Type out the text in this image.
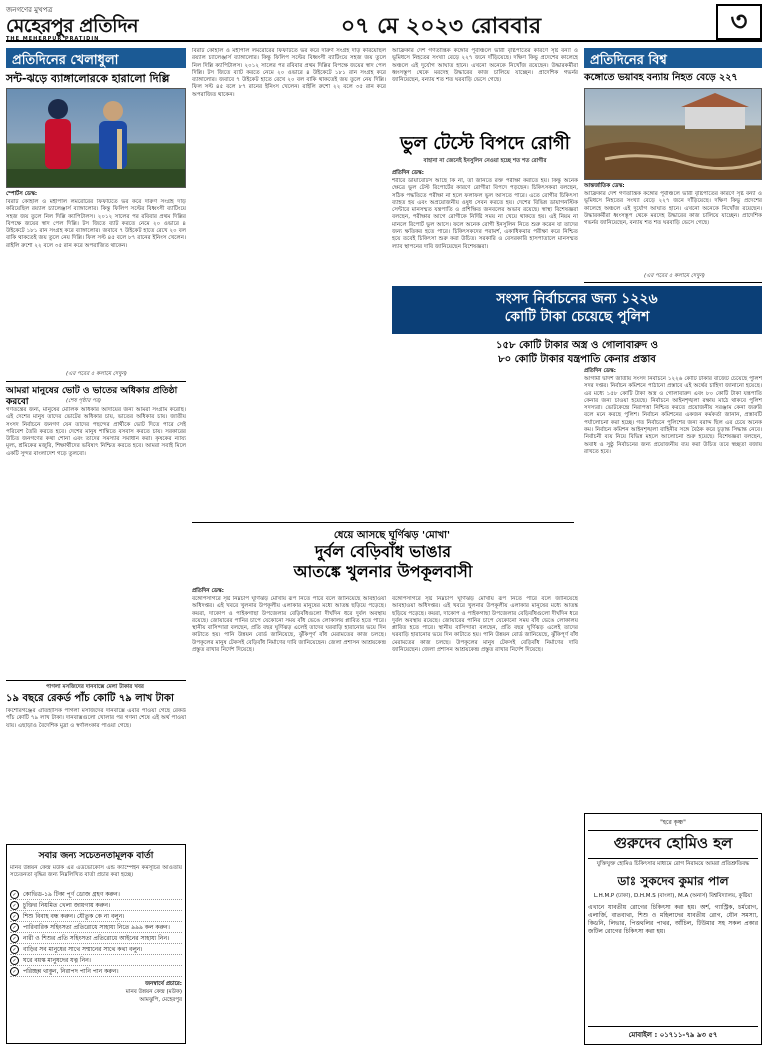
জনগণের মুখপত্র
মেহেরপুর প্রতিদিন
THE MEHERPUR PRATIDIN	০৭ মে ২০২৩ রোববার	৩
প্রতিদিনের খেলাধুলা
সন্ট-ঝড়ে ব্যাঙ্গালোরকে হারালো দিল্লি
স্পোর্টস ডেস্ক:
বিরাট কোহলি ও মহীপাল লমরোরের ফিফটিতে ভর করে দারুণ সংগ্রহ দাঁড় করিয়েছিল রয়্যাল চ্যালেঞ্জার্স ব্যাঙ্গালোর। কিন্তু ফিলিপ সল্টের বিধ্বংসী ব্যাটিংয়ে সহজ জয় তুলে নিল দিল্লি ক্যাপিটালস। ২০১২ সালের পর রবিবার প্রথম দিল্লির বিপক্ষে জয়ের স্বাদ পেল দিল্লি। টস জিতে ব্যাট করতে নেমে ২০ ওভারে ৪ উইকেটে ১৮১ রান সংগ্রহ করে ব্যাঙ্গালোর। জবাবে ৭ উইকেট হাতে রেখে ২০ বল বাকি থাকতেই জয় তুলে নেয় দিল্লি। ফিল সল্ট ৪৫ বলে ৮৭ রানের ইনিংস খেলেন। রাইলি রুশো ২২ বলে ৩৫ রান করে অপরাজিত থাকেন।
(এর পরের ৫ কলামে দেখুন)
আমরা মানুষের ভোট ও ভাতের অধিকার প্রতিষ্ঠা করবো	(শেষ পৃষ্ঠার পর)
গণতন্ত্রের জন্য, মানুষের মৌলিক অধিকার আদায়ের জন্য আমরা সংগ্রাম করেছি। এই দেশের মানুষ তাদের ভোটের অধিকার চায়, ভাতের অধিকার চায়। জাতীয় সংসদ নির্বাচনে জনগণ যেন তাদের পছন্দের প্রার্থীকে ভোট দিতে পারে সেই পরিবেশ তৈরি করতে হবে। দেশের মানুষ শান্তিতে বসবাস করতে চায়। সরকারের উচিত জনগণের কথা শোনা এবং তাদের সমস্যার সমাধান করা। কৃষকের ন্যায্য মূল্য, শ্রমিকের মজুরি, শিক্ষার্থীদের ভবিষ্যৎ নিশ্চিত করতে হবে। আমরা সবাই মিলে একটি সুন্দর বাংলাদেশ গড়ে তুলবো।
পাগলা মসজিদের দানবাক্সে মেলা টাকার খবর
১৯ বছরে রেকর্ড পাঁচ কোটি ৭৯ লাখ টাকা
কিশোরগঞ্জের ঐতিহাসিক পাগলা মসজিদের দানবাক্সে এবার পাওয়া গেছে রেকর্ড পাঁচ কোটি ৭৯ লাখ টাকা। দানবাক্সগুলো খোলার পর গণনা শেষে এই অর্থ পাওয়া যায়। এছাড়াও বৈদেশিক মুদ্রা ও স্বর্ণালংকার পাওয়া গেছে।
সবার জন্য সচেতনতামূলক বার্তা
মানব উন্নয়ন কেন্দ্র মউক এর এডভোকেসি এন্ড ক্যাম্পেইন কর্মসূচির আওতায় সচেতনতা বৃদ্ধির জন্য নিম্নলিখিত বার্তা প্রচার করা হচ্ছে।
✓	কোভিড-১৯ টিকা পূর্ণ ডোজ গ্রহণ করুন।
✓	চুক্তির নিয়মিত খেলা জায়গায় করুন।
✓	শিশু বিবাহ বন্ধ করুন। যৌতুক কে না বলুন।
✓	পারিবারিক সহিংসতা প্রতিরোধে সাহায্য নিতে ৯৯৯ কল করুন।
✓	নারী ও শিশুর প্রতি সহিংসতা প্রতিরোধে আইনের সাহায্য নিন।
✓	বাড়ির সব মানুষের সাথে সম্মানের সাথে কথা বলুন।
✓	ঘরে বয়স্ক মানুষদের যত্ন নিন।
✓	পরিচ্ছন্ন থাকুন, নিরাপদ পানি পান করুন।
জনস্বার্থে প্রচারে:
মানব উন্নয়ন কেন্দ্র (মউক)
আমঝুপি, মেহেরপুর
বিরাট কোহলি ও মহীপাল লমরোরের ফিফটিতে ভর করে দারুণ সংগ্রহ দাঁড় করিয়েছিল রয়্যাল চ্যালেঞ্জার্স ব্যাঙ্গালোর। কিন্তু ফিলিপ সল্টের বিধ্বংসী ব্যাটিংয়ে সহজ জয় তুলে নিল দিল্লি ক্যাপিটালস। ২০১২ সালের পর রবিবার প্রথম দিল্লির বিপক্ষে জয়ের স্বাদ পেল দিল্লি। টস জিতে ব্যাট করতে নেমে ২০ ওভারে ৪ উইকেটে ১৮১ রান সংগ্রহ করে ব্যাঙ্গালোর। জবাবে ৭ উইকেট হাতে রেখে ২০ বল বাকি থাকতেই জয় তুলে নেয় দিল্লি। ফিল সল্ট ৪৫ বলে ৮৭ রানের ইনিংস খেলেন। রাইলি রুশো ২২ বলে ৩৫ রান করে অপরাজিত থাকেন।
ধেয়ে আসছে ঘূর্ণিঝড় 'মোখা'
দুর্বল বেড়িবাঁধ ভাঙার
আতঙ্কে খুলনার উপকূলবাসী
প্রতিদিন ডেস্ক:
বঙ্গোপসাগরে সৃষ্ট নিম্নচাপ ঘূর্ণিঝড় মোখায় রূপ নিতে পারে বলে জানিয়েছে আবহাওয়া অধিদপ্তর। এই খবরে খুলনার উপকূলীয় এলাকার মানুষের মধ্যে আতঙ্ক ছড়িয়ে পড়েছে। কয়রা, দাকোপ ও পাইকগাছা উপজেলার বেড়িবাঁধগুলো দীর্ঘদিন ধরে দুর্বল অবস্থায় রয়েছে। জোয়ারের পানির চাপে যেকোনো সময় বাঁধ ভেঙে লোকালয় প্লাবিত হতে পারে। স্থানীয় বাসিন্দারা বলছেন, প্রতি বছর ঘূর্ণিঝড় এলেই তাদের ঘরবাড়ি হারানোর ভয়ে দিন কাটাতে হয়। পানি উন্নয়ন বোর্ড জানিয়েছে, ঝুঁকিপূর্ণ বাঁধ মেরামতের কাজ চলছে। উপকূলের মানুষ টেকসই বেড়িবাঁধ নির্মাণের দাবি জানিয়েছেন। জেলা প্রশাসন আশ্রয়কেন্দ্র প্রস্তুত রাখার নির্দেশ দিয়েছে।
আফ্রিকার দেশ গণতান্ত্রিক কঙ্গোর পূর্বাঞ্চলে ভারী বৃষ্টিপাতের কারণে সৃষ্ট বন্যা ও ভূমিধসে নিহতের সংখ্যা বেড়ে ২২৭ জনে দাঁড়িয়েছে। দক্ষিণ কিভু প্রদেশের কালেহে অঞ্চলে এই দুর্যোগ আঘাত হানে। এখনো অনেকে নিখোঁজ রয়েছেন। উদ্ধারকর্মীরা ধ্বংসস্তূপ থেকে মরদেহ উদ্ধারের কাজ চালিয়ে যাচ্ছেন। প্রাদেশিক গভর্নর জানিয়েছেন, বন্যায় শত শত ঘরবাড়ি ভেসে গেছে।
ভুল টেস্টে বিপদে রোগী
বাহানা না জেনেই ইনসুলিন নেওয়া হচ্ছে শত শত রোগীর
প্রতিদিন ডেস্ক:
শরীরে ডায়াবেটিস আছে কি না, তা জানতে রক্ত পরীক্ষা করাতে হয়। কিন্তু অনেক ক্ষেত্রে ভুল টেস্ট রিপোর্টের কারণে রোগীরা বিপদে পড়ছেন। চিকিৎসকরা বলছেন, সঠিক পদ্ধতিতে পরীক্ষা না হলে ফলাফল ভুল আসতে পারে। এতে রোগীর চিকিৎসা ব্যাহত হয় এবং অপ্রয়োজনীয় ওষুধ সেবন করতে হয়। দেশের বিভিন্ন ডায়াগনস্টিক সেন্টারে মানসম্মত যন্ত্রপাতি ও প্রশিক্ষিত জনবলের অভাব রয়েছে। স্বাস্থ্য বিশেষজ্ঞরা বলছেন, পরীক্ষার আগে রোগীকে নির্দিষ্ট সময় না খেয়ে থাকতে হয়। এই নিয়ম না মানলে রিপোর্ট ভুল আসে। ফলে অনেক রোগী ইনসুলিন নিতে শুরু করেন যা তাদের জন্য ক্ষতিকর হতে পারে। চিকিৎসকদের পরামর্শ, একাধিকবার পরীক্ষা করে নিশ্চিত হয়ে তবেই চিকিৎসা শুরু করা উচিত। সরকারি ও বেসরকারি হাসপাতালে মানসম্মত ল্যাব স্থাপনের দাবি জানিয়েছেন বিশেষজ্ঞরা।
বঙ্গোপসাগরে সৃষ্ট নিম্নচাপ ঘূর্ণিঝড় মোখায় রূপ নিতে পারে বলে জানিয়েছে আবহাওয়া অধিদপ্তর। এই খবরে খুলনার উপকূলীয় এলাকার মানুষের মধ্যে আতঙ্ক ছড়িয়ে পড়েছে। কয়রা, দাকোপ ও পাইকগাছা উপজেলার বেড়িবাঁধগুলো দীর্ঘদিন ধরে দুর্বল অবস্থায় রয়েছে। জোয়ারের পানির চাপে যেকোনো সময় বাঁধ ভেঙে লোকালয় প্লাবিত হতে পারে। স্থানীয় বাসিন্দারা বলছেন, প্রতি বছর ঘূর্ণিঝড় এলেই তাদের ঘরবাড়ি হারানোর ভয়ে দিন কাটাতে হয়। পানি উন্নয়ন বোর্ড জানিয়েছে, ঝুঁকিপূর্ণ বাঁধ মেরামতের কাজ চলছে। উপকূলের মানুষ টেকসই বেড়িবাঁধ নির্মাণের দাবি জানিয়েছেন। জেলা প্রশাসন আশ্রয়কেন্দ্র প্রস্তুত রাখার নির্দেশ দিয়েছে।
প্রতিদিনের বিশ্ব
কঙ্গোতে ভয়াবহ বন্যায় নিহত বেড়ে ২২৭
আন্তর্জাতিক ডেস্ক:
আফ্রিকার দেশ গণতান্ত্রিক কঙ্গোর পূর্বাঞ্চলে ভারী বৃষ্টিপাতের কারণে সৃষ্ট বন্যা ও ভূমিধসে নিহতের সংখ্যা বেড়ে ২২৭ জনে দাঁড়িয়েছে। দক্ষিণ কিভু প্রদেশের কালেহে অঞ্চলে এই দুর্যোগ আঘাত হানে। এখনো অনেকে নিখোঁজ রয়েছেন। উদ্ধারকর্মীরা ধ্বংসস্তূপ থেকে মরদেহ উদ্ধারের কাজ চালিয়ে যাচ্ছেন। প্রাদেশিক গভর্নর জানিয়েছেন, বন্যায় শত শত ঘরবাড়ি ভেসে গেছে।
(এর পরের ৫ কলামে দেখুন)
সংসদ নির্বাচনের জন্য ১২২৬
কোটি টাকা চেয়েছে পুলিশ
১৫৮ কোটি টাকার অস্ত্র ও গোলাবারুদ ও
৮০ কোটি টাকার যন্ত্রপাতি কেনার প্রস্তাব
প্রতিদিন ডেস্ক:
আগামী দ্বাদশ জাতীয় সংসদ নির্বাচনে ১২২৬ কোটি টাকার বাজেট চেয়েছে পুলিশ সদর দপ্তর। নির্বাচন কমিশনে পাঠানো প্রস্তাবে এই অর্থের চাহিদা জানানো হয়েছে। এর মধ্যে ১৫৮ কোটি টাকা অস্ত্র ও গোলাবারুদ এবং ৮০ কোটি টাকা যন্ত্রপাতি কেনার জন্য চাওয়া হয়েছে। নির্বাচনে আইনশৃঙ্খলা রক্ষায় মাঠে থাকবে পুলিশ সদস্যরা। ভোটকেন্দ্রে নিরাপত্তা নিশ্চিত করতে প্রয়োজনীয় সরঞ্জাম কেনা জরুরি বলে মনে করছে পুলিশ। নির্বাচন কমিশনের একজন কর্মকর্তা জানান, প্রস্তাবটি পর্যালোচনা করা হচ্ছে। গত নির্বাচনে পুলিশের জন্য বরাদ্দ ছিল এর চেয়ে অনেক কম। নির্বাচন কমিশন আইনশৃঙ্খলা বাহিনীর সঙ্গে বৈঠক করে চূড়ান্ত সিদ্ধান্ত নেবে। নির্বাচনী ব্যয় নিয়ে বিভিন্ন মহলে আলোচনা শুরু হয়েছে। বিশেষজ্ঞরা বলছেন, অবাধ ও সুষ্ঠু নির্বাচনের জন্য প্রয়োজনীয় ব্যয় করা উচিত তবে স্বচ্ছতা বজায় রাখতে হবে।
"হরে কৃষ্ণ"
গুরুদেব হোমিও হল
যুক্তিযুক্ত হোমিও চিকিৎসার মাধ্যমে রোগ নিরাময়ে আমরা প্রতিশ্রুতিবদ্ধ
ডাঃ সুকদেব কুমার পাল
L.H.M.P (ঢাকা), D.H.M.S (বাংলা), M.A (অনার্স) বিশ্ববিদ্যালয়, কুষ্টিয়া
এখানে যাবতীয় রোগের চিকিৎসা করা হয়। অর্শ, গ্যাস্ট্রিক, চর্মরোগ, এলার্জি, বাতব্যথা, শিশু ও মহিলাদের যাবতীয় রোগ, যৌন সমস্যা, কিডনি, লিভার, পিত্তথলির পাথর, আঁচিল, টিউমার সহ সকল প্রকার জটিল রোগের চিকিৎসা করা হয়।
মোবাইল : ০১৭১১-৭৯ ৯৩ ৫৭
